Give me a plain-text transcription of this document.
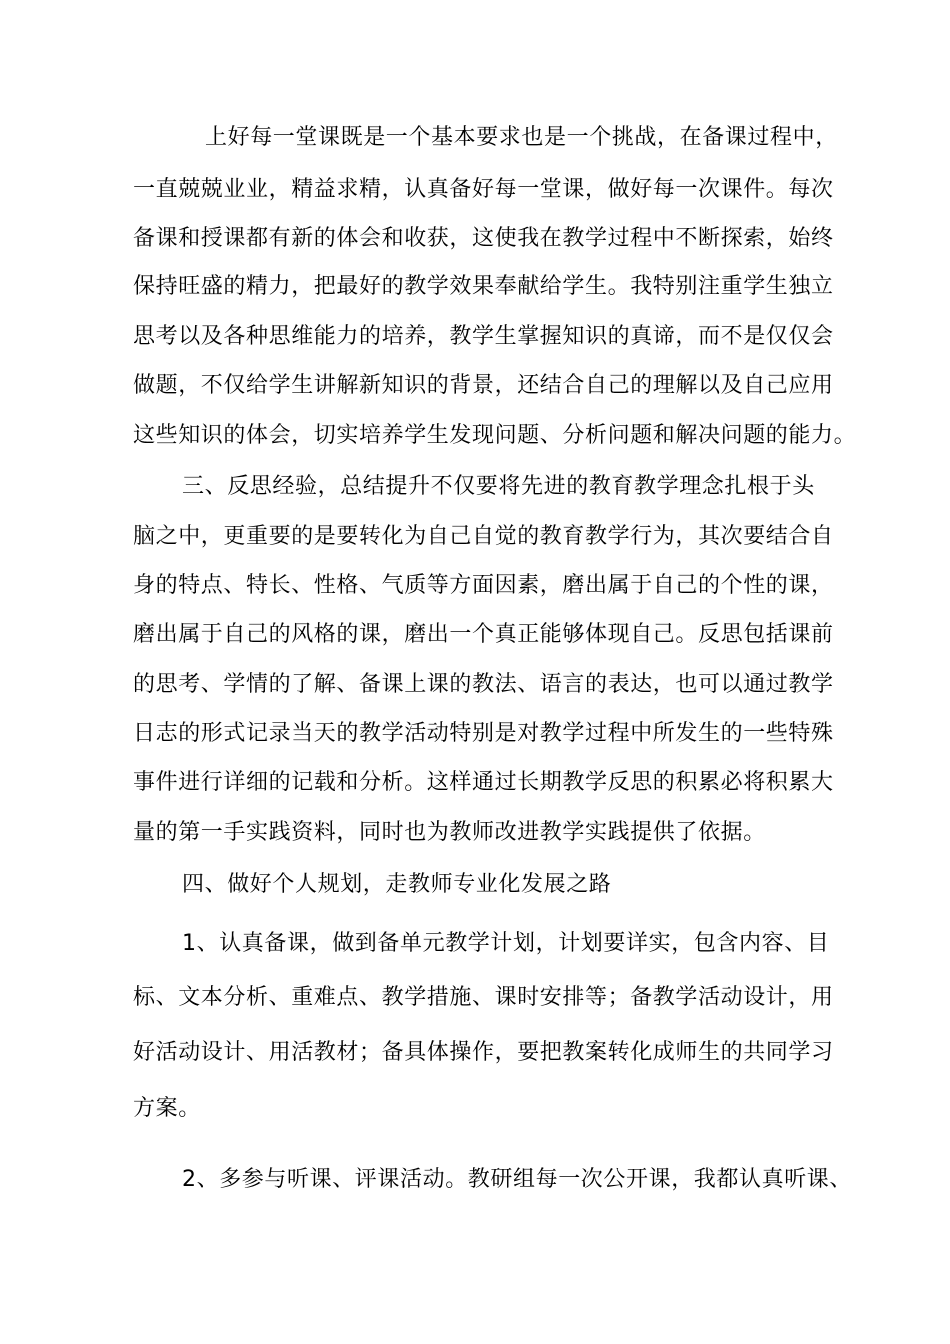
上好每一堂课既是一个基本要求也是一个挑战，在备课过程中，
一直兢兢业业，精益求精，认真备好每一堂课，做好每一次课件。每次
备课和授课都有新的体会和收获，这使我在教学过程中不断探索，始终
保持旺盛的精力，把最好的教学效果奉献给学生。我特别注重学生独立
思考以及各种思维能力的培养，教学生掌握知识的真谛，而不是仅仅会
做题，不仅给学生讲解新知识的背景，还结合自己的理解以及自己应用
这些知识的体会，切实培养学生发现问题、分析问题和解决问题的能力。
三、反思经验，总结提升不仅要将先进的教育教学理念扎根于头
脑之中，更重要的是要转化为自己自觉的教育教学行为，其次要结合自
身的特点、特长、性格、气质等方面因素，磨出属于自己的个性的课，
磨出属于自己的风格的课，磨出一个真正能够体现自己。反思包括课前
的思考、学情的了解、备课上课的教法、语言的表达，也可以通过教学
日志的形式记录当天的教学活动特别是对教学过程中所发生的一些特殊
事件进行详细的记载和分析。这样通过长期教学反思的积累必将积累大
量的第一手实践资料，同时也为教师改进教学实践提供了依据。
四、做好个人规划，走教师专业化发展之路
1、认真备课，做到备单元教学计划，计划要详实，包含内容、目
标、文本分析、重难点、教学措施、课时安排等；备教学活动设计，用
好活动设计、用活教材；备具体操作，要把教案转化成师生的共同学习
方案。
2、多参与听课、评课活动。教研组每一次公开课，我都认真听课、
